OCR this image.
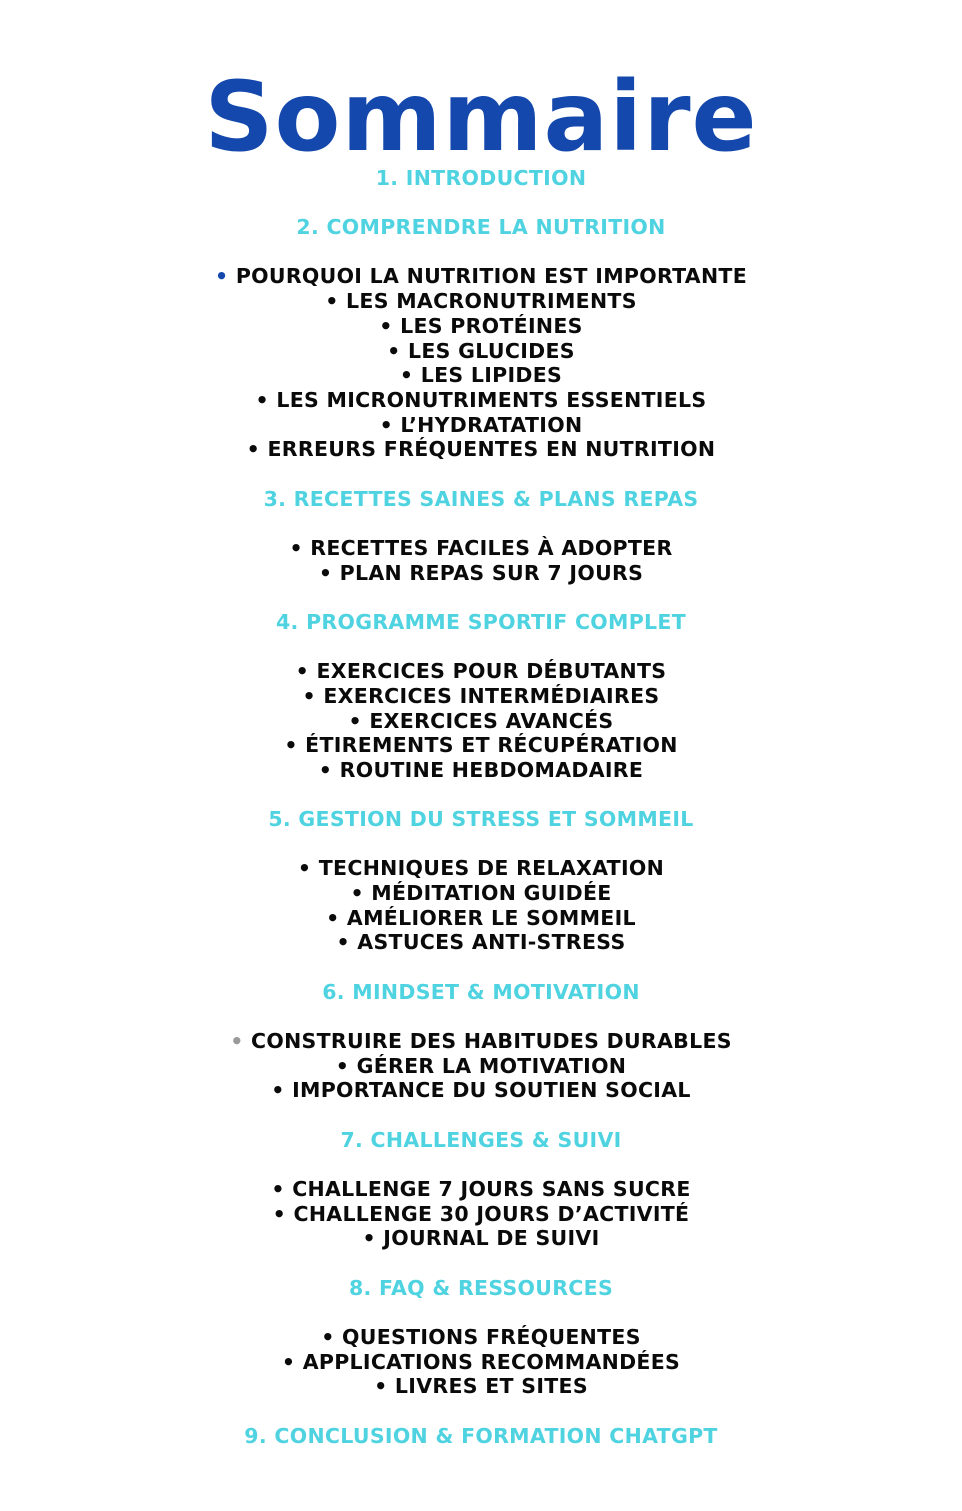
Sommaire
1. INTRODUCTION
2. COMPRENDRE LA NUTRITION
• POURQUOI LA NUTRITION EST IMPORTANTE
• LES MACRONUTRIMENTS
• LES PROTÉINES
• LES GLUCIDES
• LES LIPIDES
• LES MICRONUTRIMENTS ESSENTIELS
• L’HYDRATATION
• ERREURS FRÉQUENTES EN NUTRITION
3. RECETTES SAINES & PLANS REPAS
• RECETTES FACILES À ADOPTER
• PLAN REPAS SUR 7 JOURS
4. PROGRAMME SPORTIF COMPLET
• EXERCICES POUR DÉBUTANTS
• EXERCICES INTERMÉDIAIRES
• EXERCICES AVANCÉS
• ÉTIREMENTS ET RÉCUPÉRATION
• ROUTINE HEBDOMADAIRE
5. GESTION DU STRESS ET SOMMEIL
• TECHNIQUES DE RELAXATION
• MÉDITATION GUIDÉE
• AMÉLIORER LE SOMMEIL
• ASTUCES ANTI-STRESS
6. MINDSET & MOTIVATION
• CONSTRUIRE DES HABITUDES DURABLES
• GÉRER LA MOTIVATION
• IMPORTANCE DU SOUTIEN SOCIAL
7. CHALLENGES & SUIVI
• CHALLENGE 7 JOURS SANS SUCRE
• CHALLENGE 30 JOURS D’ACTIVITÉ
• JOURNAL DE SUIVI
8. FAQ & RESSOURCES
• QUESTIONS FRÉQUENTES
• APPLICATIONS RECOMMANDÉES
• LIVRES ET SITES
9. CONCLUSION & FORMATION CHATGPT
